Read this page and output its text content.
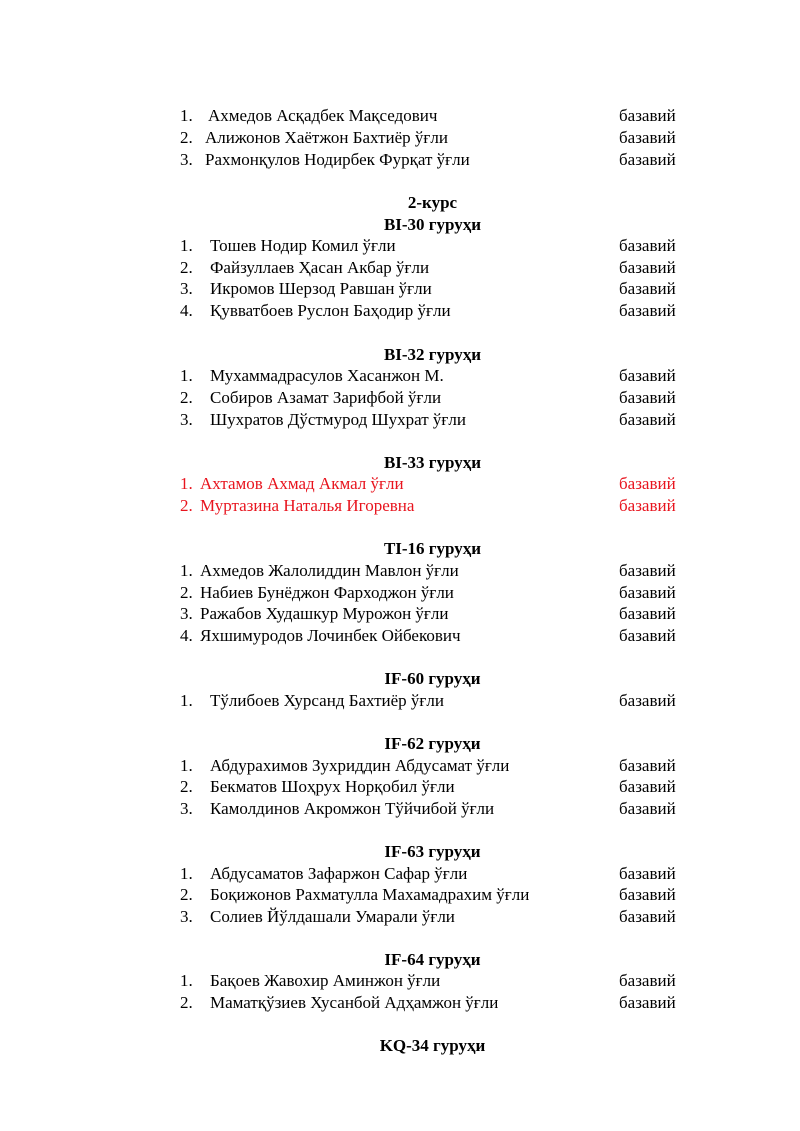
1. Ахмедов Асқадбек Мақседович	базавий
2. Алижонов Хаётжон Бахтиёр ўғли	базавий
3. Рахмонқулов Нодирбек Фурқат ўғли	базавий
2-курс
BI-30 гуруҳи
1. Тошев Нодир Комил ўғли	базавий
2. Файзуллаев Ҳасан Акбар ўғли	базавий
3. Икромов Шерзод Равшан ўғли	базавий
4. Қувватбоев Руслон Баҳодир ўғли	базавий
BI-32 гуруҳи
1. Мухаммадрасулов Хасанжон М.	базавий
2. Собиров Азамат Зарифбой ўғли	базавий
3. Шухратов Дўстмурод Шухрат ўғли	базавий
BI-33 гуруҳи
1. Ахтамов Ахмад Акмал ўғли	базавий
2. Муртазина Наталья Игоревна	базавий
TI-16 гуруҳи
1. Ахмедов Жалолиддин Мавлон ўғли	базавий
2. Набиев Бунёджон Фарходжон ўғли	базавий
3. Ражабов Худашкур Мурожон ўғли	базавий
4. Яхшимуродов Лочинбек Ойбекович	базавий
IF-60 гуруҳи
1. Тўлибоев Хурсанд Бахтиёр ўғли	базавий
IF-62 гуруҳи
1. Абдурахимов Зухриддин Абдусамат ўғли	базавий
2. Бекматов Шоҳрух Норқобил ўғли	базавий
3. Камолдинов Акромжон Тўйчибой ўғли	базавий
IF-63 гуруҳи
1. Абдусаматов Зафаржон Сафар ўғли	базавий
2. Боқижонов Рахматулла Махамадрахим ўғли	базавий
3. Солиев Йўлдашали Умарали ўғли	базавий
IF-64 гуруҳи
1. Бақоев Жавохир Аминжон ўғли	базавий
2. Маматқўзиев Хусанбой Адҳамжон ўғли	базавий
KQ-34 гуруҳи
